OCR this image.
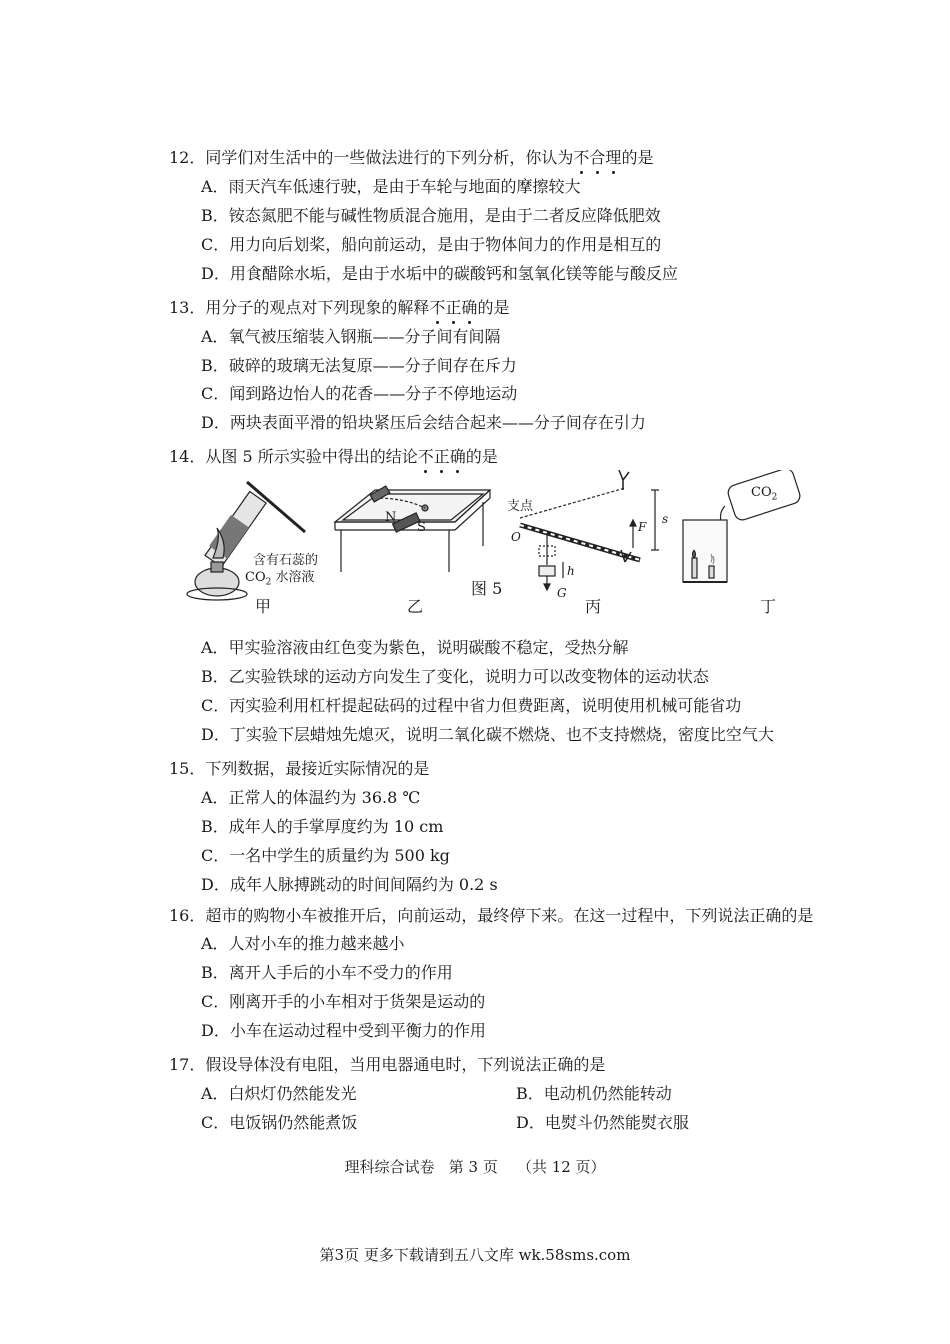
12．同学们对生活中的一些做法进行的下列分析，你认为不合理的是
A．雨天汽车低速行驶，是由于车轮与地面的摩擦较大
B．铵态氮肥不能与碱性物质混合施用，是由于二者反应降低肥效
C．用力向后划桨，船向前运动，是由于物体间力的作用是相互的
D．用食醋除水垢，是由于水垢中的碳酸钙和氢氧化镁等能与酸反应
13．用分子的观点对下列现象的解释不正确的是
A．氧气被压缩装入钢瓶——分子间有间隔
B．破碎的玻璃无法复原——分子间存在斥力
C．闻到路边怡人的花香——分子不停地运动
D．两块表面平滑的铅块紧压后会结合起来——分子间存在引力
14．从图 5 所示实验中得出的结论不正确的是
含有石蕊的
$CO_2$ 水溶液
N
S
支点
O
F
s
h
G
$CO_2$
甲	乙	丙	丁
图 5
A．甲实验溶液由红色变为紫色，说明碳酸不稳定，受热分解
B．乙实验铁球的运动方向发生了变化，说明力可以改变物体的运动状态
C．丙实验利用杠杆提起砝码的过程中省力但费距离，说明使用机械可能省功
D．丁实验下层蜡烛先熄灭，说明二氧化碳不燃烧、也不支持燃烧，密度比空气大
15．下列数据，最接近实际情况的是
A．正常人的体温约为 36.8 ℃
B．成年人的手掌厚度约为 10 cm
C．一名中学生的质量约为 500 kg
D．成年人脉搏跳动的时间间隔约为 0.2 s
16．超市的购物小车被推开后，向前运动，最终停下来。在这一过程中，下列说法正确的是
A．人对小车的推力越来越小
B．离开人手后的小车不受力的作用
C．刚离开手的小车相对于货架是运动的
D．小车在运动过程中受到平衡力的作用
17．假设导体没有电阻，当用电器通电时，下列说法正确的是
A．白炽灯仍然能发光	B．电动机仍然能转动
C．电饭锅仍然能煮饭	D．电熨斗仍然能熨衣服
理科综合试卷 第 3 页 （共 12 页）
第3页 更多下载请到五八文库 wk.58sms.com
